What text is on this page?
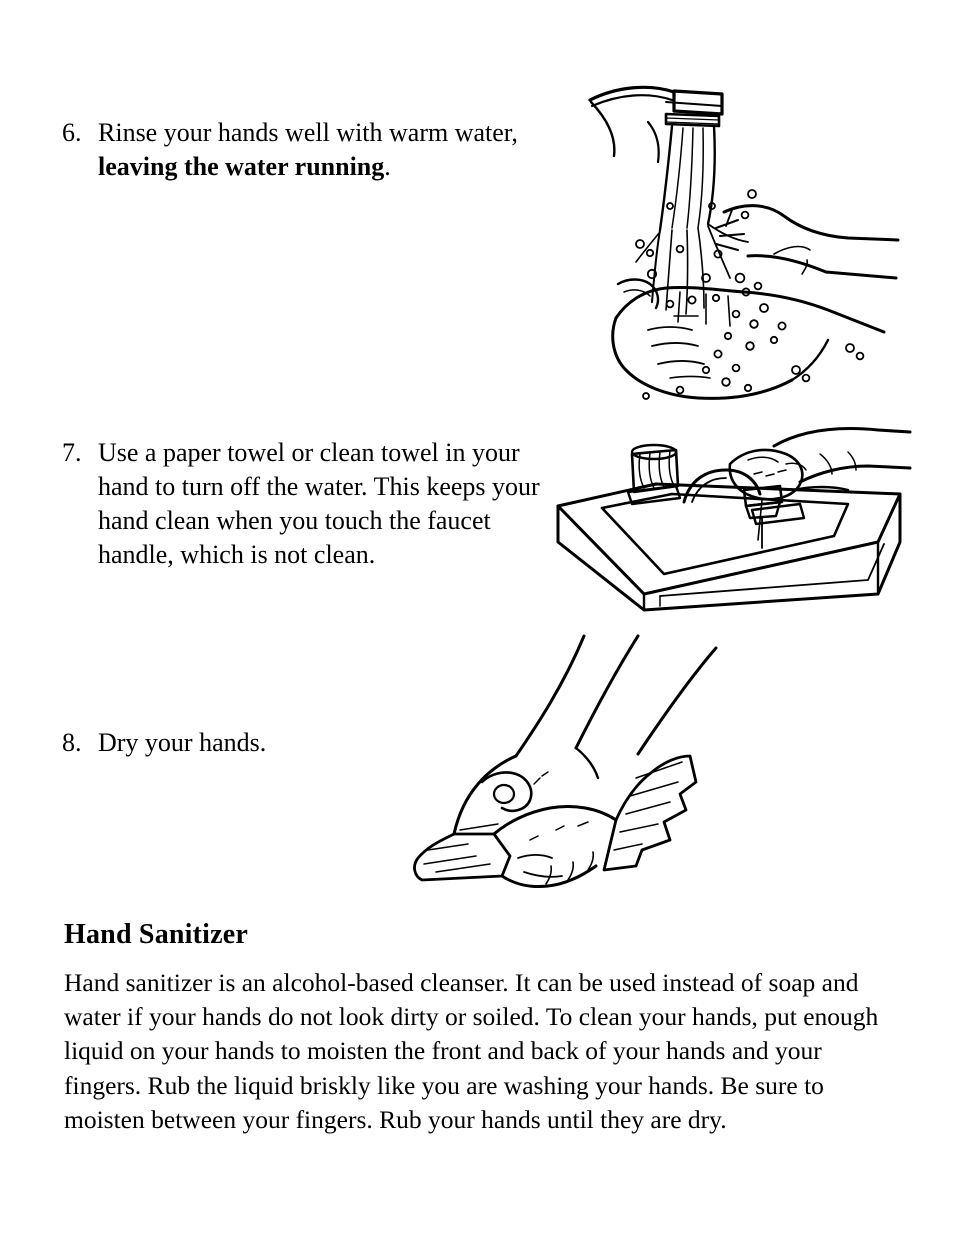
6. Rinse your hands well with warm water, leaving the water running.
7. Use a paper towel or clean towel in your hand to turn off the water. This keeps your hand clean when you touch the faucet handle, which is not clean.
8. Dry your hands.
Hand Sanitizer
Hand sanitizer is an alcohol-based cleanser. It can be used instead of soap and water if your hands do not look dirty or soiled. To clean your hands, put enough liquid on your hands to moisten the front and back of your hands and your fingers. Rub the liquid briskly like you are washing your hands. Be sure to moisten between your fingers. Rub your hands until they are dry.
